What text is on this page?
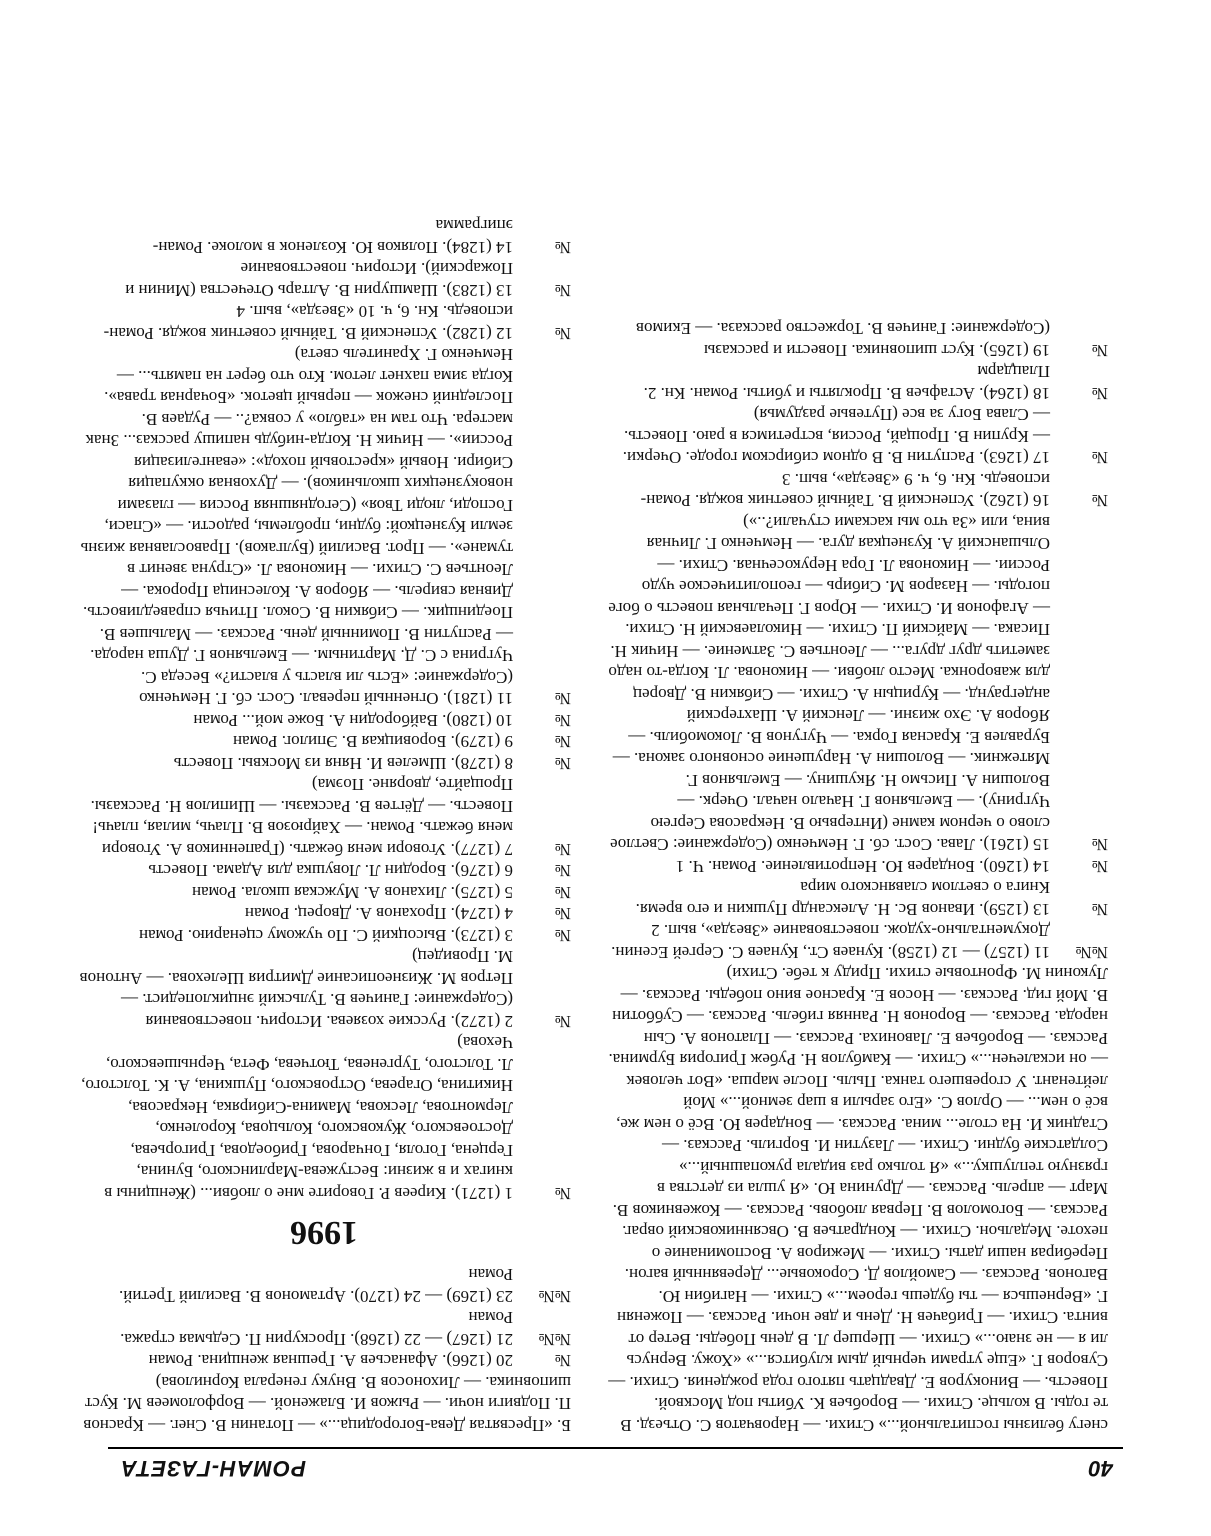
40
РОМАН-ГАЗЕТА

снегу белизны госпитальной...» Стихи. — Наровчатов С. Отъезд. В те годы. В кольце. Стихи. — Воробьев К. Убиты под Москвой. Повесть. — Винокуров Е. Двадцать пятого года рождения. Стихи. — Суворов Г. «Еще утрами черный дым клубится...» «Хожу. Вернусь ли я — не знаю...» Стихи. — Шершер Л. В день Победы. Ветер от винта. Стихи. — Грибачев Н. День и две ночи. Рассказ. — Поженян Г. «Вернешься — ты будешь героем...» Стихи. — Нагибин Ю. Вагонов. Рассказ. — Самойлов Д. Сороковые... Деревянный вагон. Перебирая наши даты. Стихи. — Межиров А. Воспоминание о пехоте. Медальон. Стихи. — Кондратьев В. Овсянниковский овраг. Рассказ. — Богомолов В. Первая любовь. Рассказ. — Кожевников В. Март — апрель. Рассказ. — Друнина Ю. «Я ушла из детства в грязную теплушку...» «Я только раз видала рукопашный...» Солдатские будни. Стихи. — Лазутин И. Боргиль. Рассказ. — Стадник И. На столе... мина. Рассказ. — Бондарев Ю. Всё о нем же, всё о нем... — Орлов С. «Его зарыли в шар земной...» Мой лейтенант. У сгоревшего танка. Пыль. После марша. «Вот человек — он искалечен...» Стихи. — Камбулов Н. Рубеж Григория Бурмина. Рассказ. — Воробьев Е. Лавониха. Рассказ. — Платонов А. Сын народа. Рассказ. — Воронов Н. Ранняя гибель. Рассказ. — Субботин В. Мой гид. Рассказ. — Носов Е. Красное вино победы. Рассказ. — Луконин М. Фронтовые стихи. Приду к тебе. Стихи)

№№11 (1257) — 12 (1258). Кунаев Ст., Кунаев С. Сергей Есенин. Документально-худож. повествование «Звезда», вып. 2

№13 (1259). Иванов Вс. Н. Александр Пушкин и его время. Книга о светлом славянского мира

№14 (1260). Бондарев Ю. Непротивление. Роман. Ч. 1

№15 (1261). Лава. Сост. сб. Г. Немченко (Содержание: Светлое слово о черном камне (Интервью В. Некрасова Сергею Чугрину). — Емельянов Г. Начало начал. Очерк. — Волошин А. Письмо Н. Якушину. — Емельянов Г. Мятежник. — Волошин А. Нарушение основного закона. — Буравлев Е. Красная Горка. — Чугунов В. Локомобиль. — Яборов А. Эхо жизни. — Ленский А. Шахтерский андеграунд. — Курицын А. Стихи. — Сибякин В. Дворец для жаворонка. Место любви. — Никонова. Л. Когда-то надо заметить друг друга... — Леонтьев С. Затмение. — Ничик Н. Писака. — Майский П. Стихи. — Николаевский Н. Стихи. — Агафонов И. Стихи. — Юров Г. Печальная повесть о боге погоды. — Назаров М. Сибирь — геополитическое чудо России. — Никонова Л. Гора Нерукосечная. Стихи. — Ольшанский А. Кузнецкая дуга. — Немченко Г. Личная вина, или «За что мы касками стучали?..»)

№16 (1262). Успенский В. Тайный советник вождя. Роман-исповедь. Кн. 6, ч. 9 «Звезда», вып. 3

№17 (1263). Распутин В. В одном сибирском городе. Очерки. — Крупин В. Прощай, Россия, встретимся в раю. Повесть. — Слава Богу за все (Путевые раздумья)

№18 (1264). Астафьев В. Прокляты и убиты. Роман. Кн. 2. Плацдарм

№19 (1265). Куст шиповника. Повести и рассказы (Содержание: Ганичев В. Торжество рассказа. — Екимов

Б. «Пресвятая Дева-Богородица...» — Потанин В. Снег. — Краснов П. Подвиги ночи. — Рыжов И. Блаженой. — Ворфоломеев М. Куст шиповника. — Лихоносов В. Внуку генерала Корнилова)

№20 (1266). Афанасьев А. Грешная женщина. Роман

№№21 (1267) — 22 (1268). Проскурин П. Седьмая стража. Роман

№№23 (1269) — 24 (1270). Артамонов В. Василий Третий. Роман

1996

№1 (1271). Киреев Р. Говорите мне о любви... (Женщины в книгах и в жизни: Бестужева-Марлинского, Бунина, Герцена, Гоголя, Гончарова, Грибоедова, Григорьева, Достоевского, Жуковского, Кольцова, Короленко, Лермонтова, Лескова, Мамина-Сибиряка, Некрасова, Никитина, Огарева, Островского, Пушкина, А. К. Толстого, Л. Толстого, Тургенева, Тютчева, Фета, Чернышевского, Чехова)

№2 (1272). Русские хозяева. Историч. повествования (Содержание: Ганичев В. Тульский энциклопедист. — Петров М. Жизнеописание Дмитрия Шелехова. — Антонов М. Провидец)

№3 (1273). Высоцкий С. По чужому сценарию. Роман

№4 (1274). Проханов А. Дворец. Роман

№5 (1275). Лиханов А. Мужская школа. Роман

№6 (1276). Бородин Л. Ловушка для Адама. Повесть

№7 (1277). Уговори меня бежать. (Грапенников А. Уговори меня бежать. Роман. — Хайрюзов В. Плачь, милая, плачь! Повесть. — Дёгтев В. Рассказы. — Шипилов Н. Рассказы. Прощайте, дворяне. Поэма)

№8 (1278). Шмелев И. Няня из Москвы. Повесть

№9 (1279). Боровицкая В. Эпилог. Роман

№10 (1280). Вайбородин А. Боже мой... Роман

№11 (1281). Огненный перевал. Сост. сб. Г. Немченко (Содержание: «Есть ли власть у власти?» Беседа С. Чугрина с С. Д. Мартиным. — Емельянов Г. Душа народа. — Распутин В. Поминный день. Рассказ. — Малышев В. Поединщик. — Сибякин В. Сокол. Птичья справедливость. Дивная свирель. — Яборов А. Колесница Пророка. — Леонтьев С. Стихи. — Никонова Л. «Струна звенит в тумане». — Прот. Василий (Булгаков). Православная жизнь земли Кузнецкой: будни, проблемы, радости. — «Спаси, Господи, люди Твоя» (Сегодняшняя Россия — глазами новокузнецких школьников). — Духовная оккупация Сибири. Новый «крестовый поход»: «евангелизация России». — Ничик Н. Когда-нибудь напишу рассказ... Знак мастера. Что там на «табло» у совка?.. — Рудаев В. Последний снежок — первый цветок. «Бочарная трава». Когда зима пахнет летом. Кто что берет на память... — Немченко Г. Хранитель света)

№12 (1282). Успенский В. Тайный советник вождя. Роман-исповедь. Кн. 6, ч. 10 «Звезда», вып. 4

№13 (1283). Шамшурин В. Алтарь Отечества (Минин и Пожарский). Историч. повествование

№14 (1284). Поляков Ю. Козленок в молоке. Роман-эпиграмма
